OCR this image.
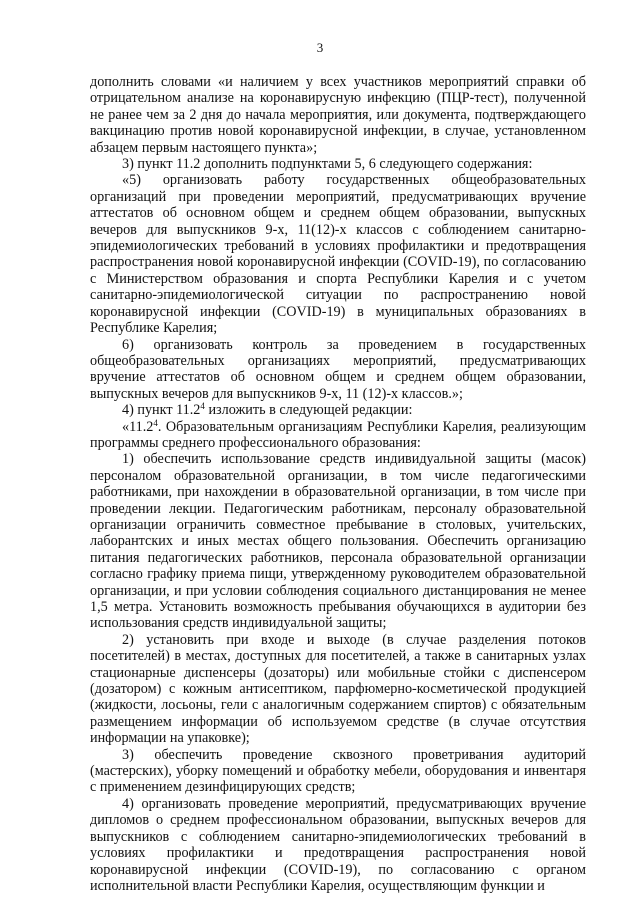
3

дополнить словами «и наличием у всех участников мероприятий справки об отрицательном анализе на коронавирусную инфекцию (ПЦР-тест), полученной не ранее чем за 2 дня до начала мероприятия, или документа, подтверждающего вакцинацию против новой коронавирусной инфекции, в случае, установленном абзацем первым настоящего пункта»;

3) пункт 11.2 дополнить подпунктами 5, 6 следующего содержания:

«5) организовать работу государственных общеобразовательных организаций при проведении мероприятий, предусматривающих вручение аттестатов об основном общем и среднем общем образовании, выпускных вечеров для выпускников 9-х, 11(12)-х классов с соблюдением санитарно-эпидемиологических требований в условиях профилактики и предотвращения распространения новой коронавирусной инфекции (COVID-19), по согласованию с Министерством образования и спорта Республики Карелия и с учетом санитарно-эпидемиологической ситуации по распространению новой коронавирусной инфекции (COVID-19) в муниципальных образованиях в Республике Карелия;

6) организовать контроль за проведением в государственных общеобразовательных организациях мероприятий, предусматривающих вручение аттестатов об основном общем и среднем общем образовании, выпускных вечеров для выпускников 9-х, 11 (12)-х классов.»;

4) пункт 11.2$^4$ изложить в следующей редакции:

«11.2$^4$. Образовательным организациям Республики Карелия, реализующим программы среднего профессионального образования:

1) обеспечить использование средств индивидуальной защиты (масок) персоналом образовательной организации, в том числе педагогическими работниками, при нахождении в образовательной организации, в том числе при проведении лекции. Педагогическим работникам, персоналу образовательной организации ограничить совместное пребывание в столовых, учительских, лаборантских и иных местах общего пользования. Обеспечить организацию питания педагогических работников, персонала образовательной организации согласно графику приема пищи, утвержденному руководителем образовательной организации, и при условии соблюдения социального дистанцирования не менее 1,5 метра. Установить возможность пребывания обучающихся в аудитории без использования средств индивидуальной защиты;

2) установить при входе и выходе (в случае разделения потоков посетителей) в местах, доступных для посетителей, а также в санитарных узлах стационарные диспенсеры (дозаторы) или мобильные стойки с диспенсером (дозатором) с кожным антисептиком, парфюмерно-косметической продукцией (жидкости, лосьоны, гели с аналогичным содержанием спиртов) с обязательным размещением информации об используемом средстве (в случае отсутствия информации на упаковке);

3) обеспечить проведение сквозного проветривания аудиторий (мастерских), уборку помещений и обработку мебели, оборудования и инвентаря с применением дезинфицирующих средств;

4) организовать проведение мероприятий, предусматривающих вручение дипломов о среднем профессиональном образовании, выпускных вечеров для выпускников с соблюдением санитарно-эпидемиологических требований в условиях профилактики и предотвращения распространения новой коронавирусной инфекции (COVID-19), по согласованию с органом исполнительной власти Республики Карелия, осуществляющим функции и
